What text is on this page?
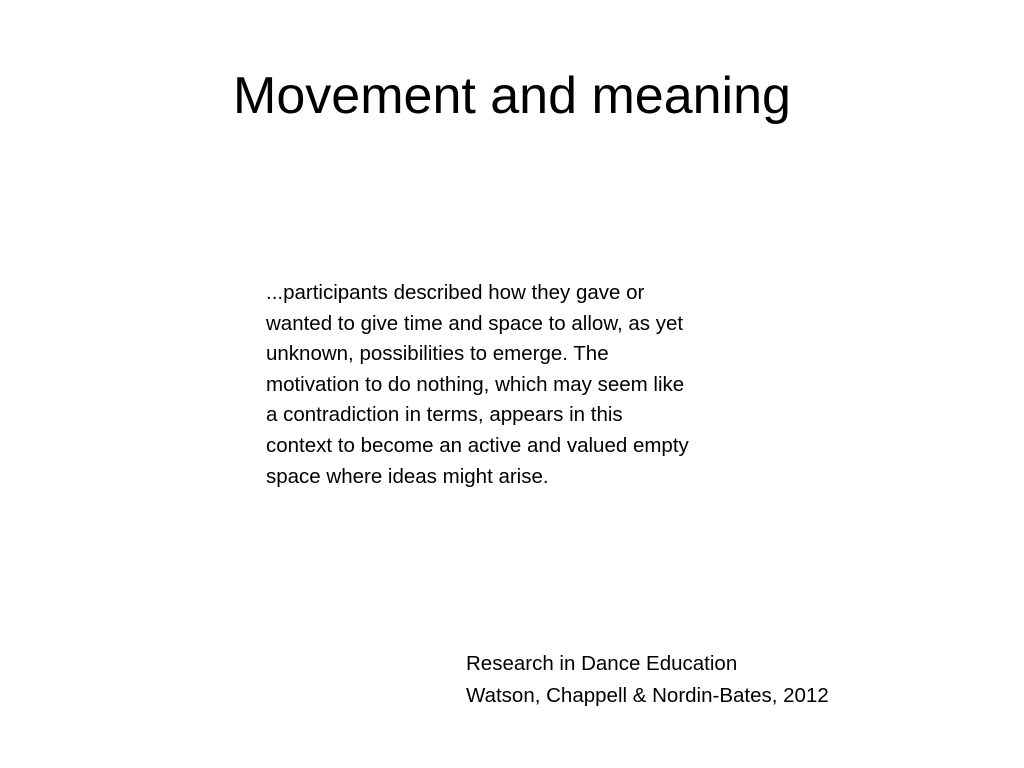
Movement and meaning
...participants described how they gave or
wanted to give time and space to allow, as yet
unknown, possibilities to emerge. The
motivation to do nothing, which may seem like
a contradiction in terms, appears in this
context to become an active and valued empty
space where ideas might arise.
Research in Dance Education
Watson, Chappell & Nordin-Bates, 2012
